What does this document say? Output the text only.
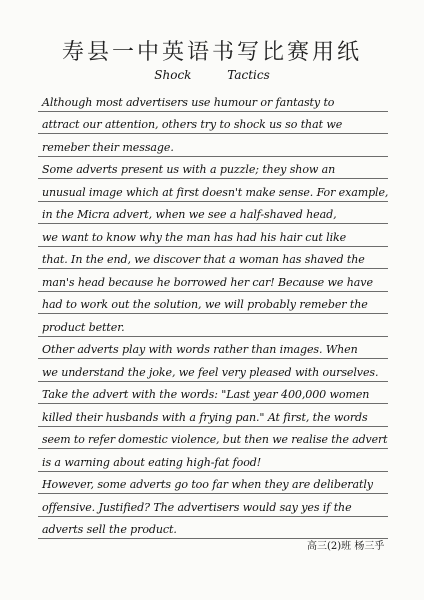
寿县一中英语书写比赛用纸
Shock Tactics
Although most advertisers use humour or fantasty to
attract our attention, others try to shock us so that we
remeber their message.
Some adverts present us with a puzzle; they show an
unusual image which at first doesn't make sense. For example,
in the Micra advert, when we see a half-shaved head,
we want to know why the man has had his hair cut like
that. In the end, we discover that a woman has shaved the
man's head because he borrowed her car! Because we have
had to work out the solution, we will probably remeber the
product better.
Other adverts play with words rather than images. When
we understand the joke, we feel very pleased with ourselves.
Take the advert with the words: "Last year 400,000 women
killed their husbands with a frying pan." At first, the words
seem to refer domestic violence, but then we realise the advert
is a warning about eating high-fat food!
However, some adverts go too far when they are deliberatly
offensive. Justified? The advertisers would say yes if the
adverts sell the product.
高三(2)班 杨三乎
